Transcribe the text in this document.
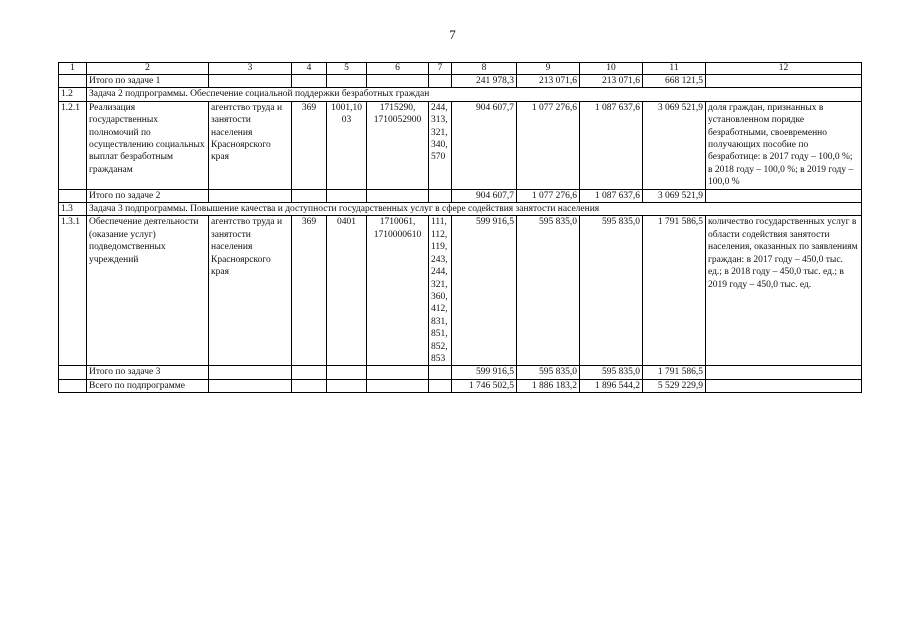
7
1	2	3	4	5	6	7	8	9	10	11	12
	Итого по задаче 1						241 978,3	213 071,6	213 071,6	668 121,5	
1.2	Задача 2 подпрограммы. Обеспечение социальной поддержки безработных граждан										
1.2.1	Реализация государственных полномочий по осуществлению социальных выплат безработным гражданам	агентство труда и занятости населения Красноярского края	369	1001,10 03	1715290, 1710052900	244, 313, 321, 340, 570	904 607,7	1 077 276,6	1 087 637,6	3 069 521,9	доля граждан, признанных в установленном порядке безработными, своевременно получающих пособие по безработице: в 2017 году – 100,0 %; в 2018 году – 100,0 %; в 2019 году – 100,0 %
	Итого по задаче 2						904 607,7	1 077 276,6	1 087 637,6	3 069 521,9	
1.3	Задача 3 подпрограммы. Повышение качества и доступности государственных услуг в сфере содействия занятости населения										
1.3.1	Обеспечение деятельности (оказание услуг) подведомственных учреждений	агентство труда и занятости населения Красноярского края	369	0401	1710061, 1710000610	111, 112, 119, 243, 244, 321, 360, 412, 831, 851, 852, 853	599 916,5	595 835,0	595 835,0	1 791 586,5	количество государственных услуг в области содействия занятости населения, оказанных по заявлениям граждан: в 2017 году – 450,0 тыс. ед.; в 2018 году – 450,0 тыс. ед.; в 2019 году – 450,0 тыс. ед.
	Итого по задаче 3						599 916,5	595 835,0	595 835,0	1 791 586,5	
	Всего по подпрограмме						1 746 502,5	1 886 183,2	1 896 544,2	5 529 229,9	
